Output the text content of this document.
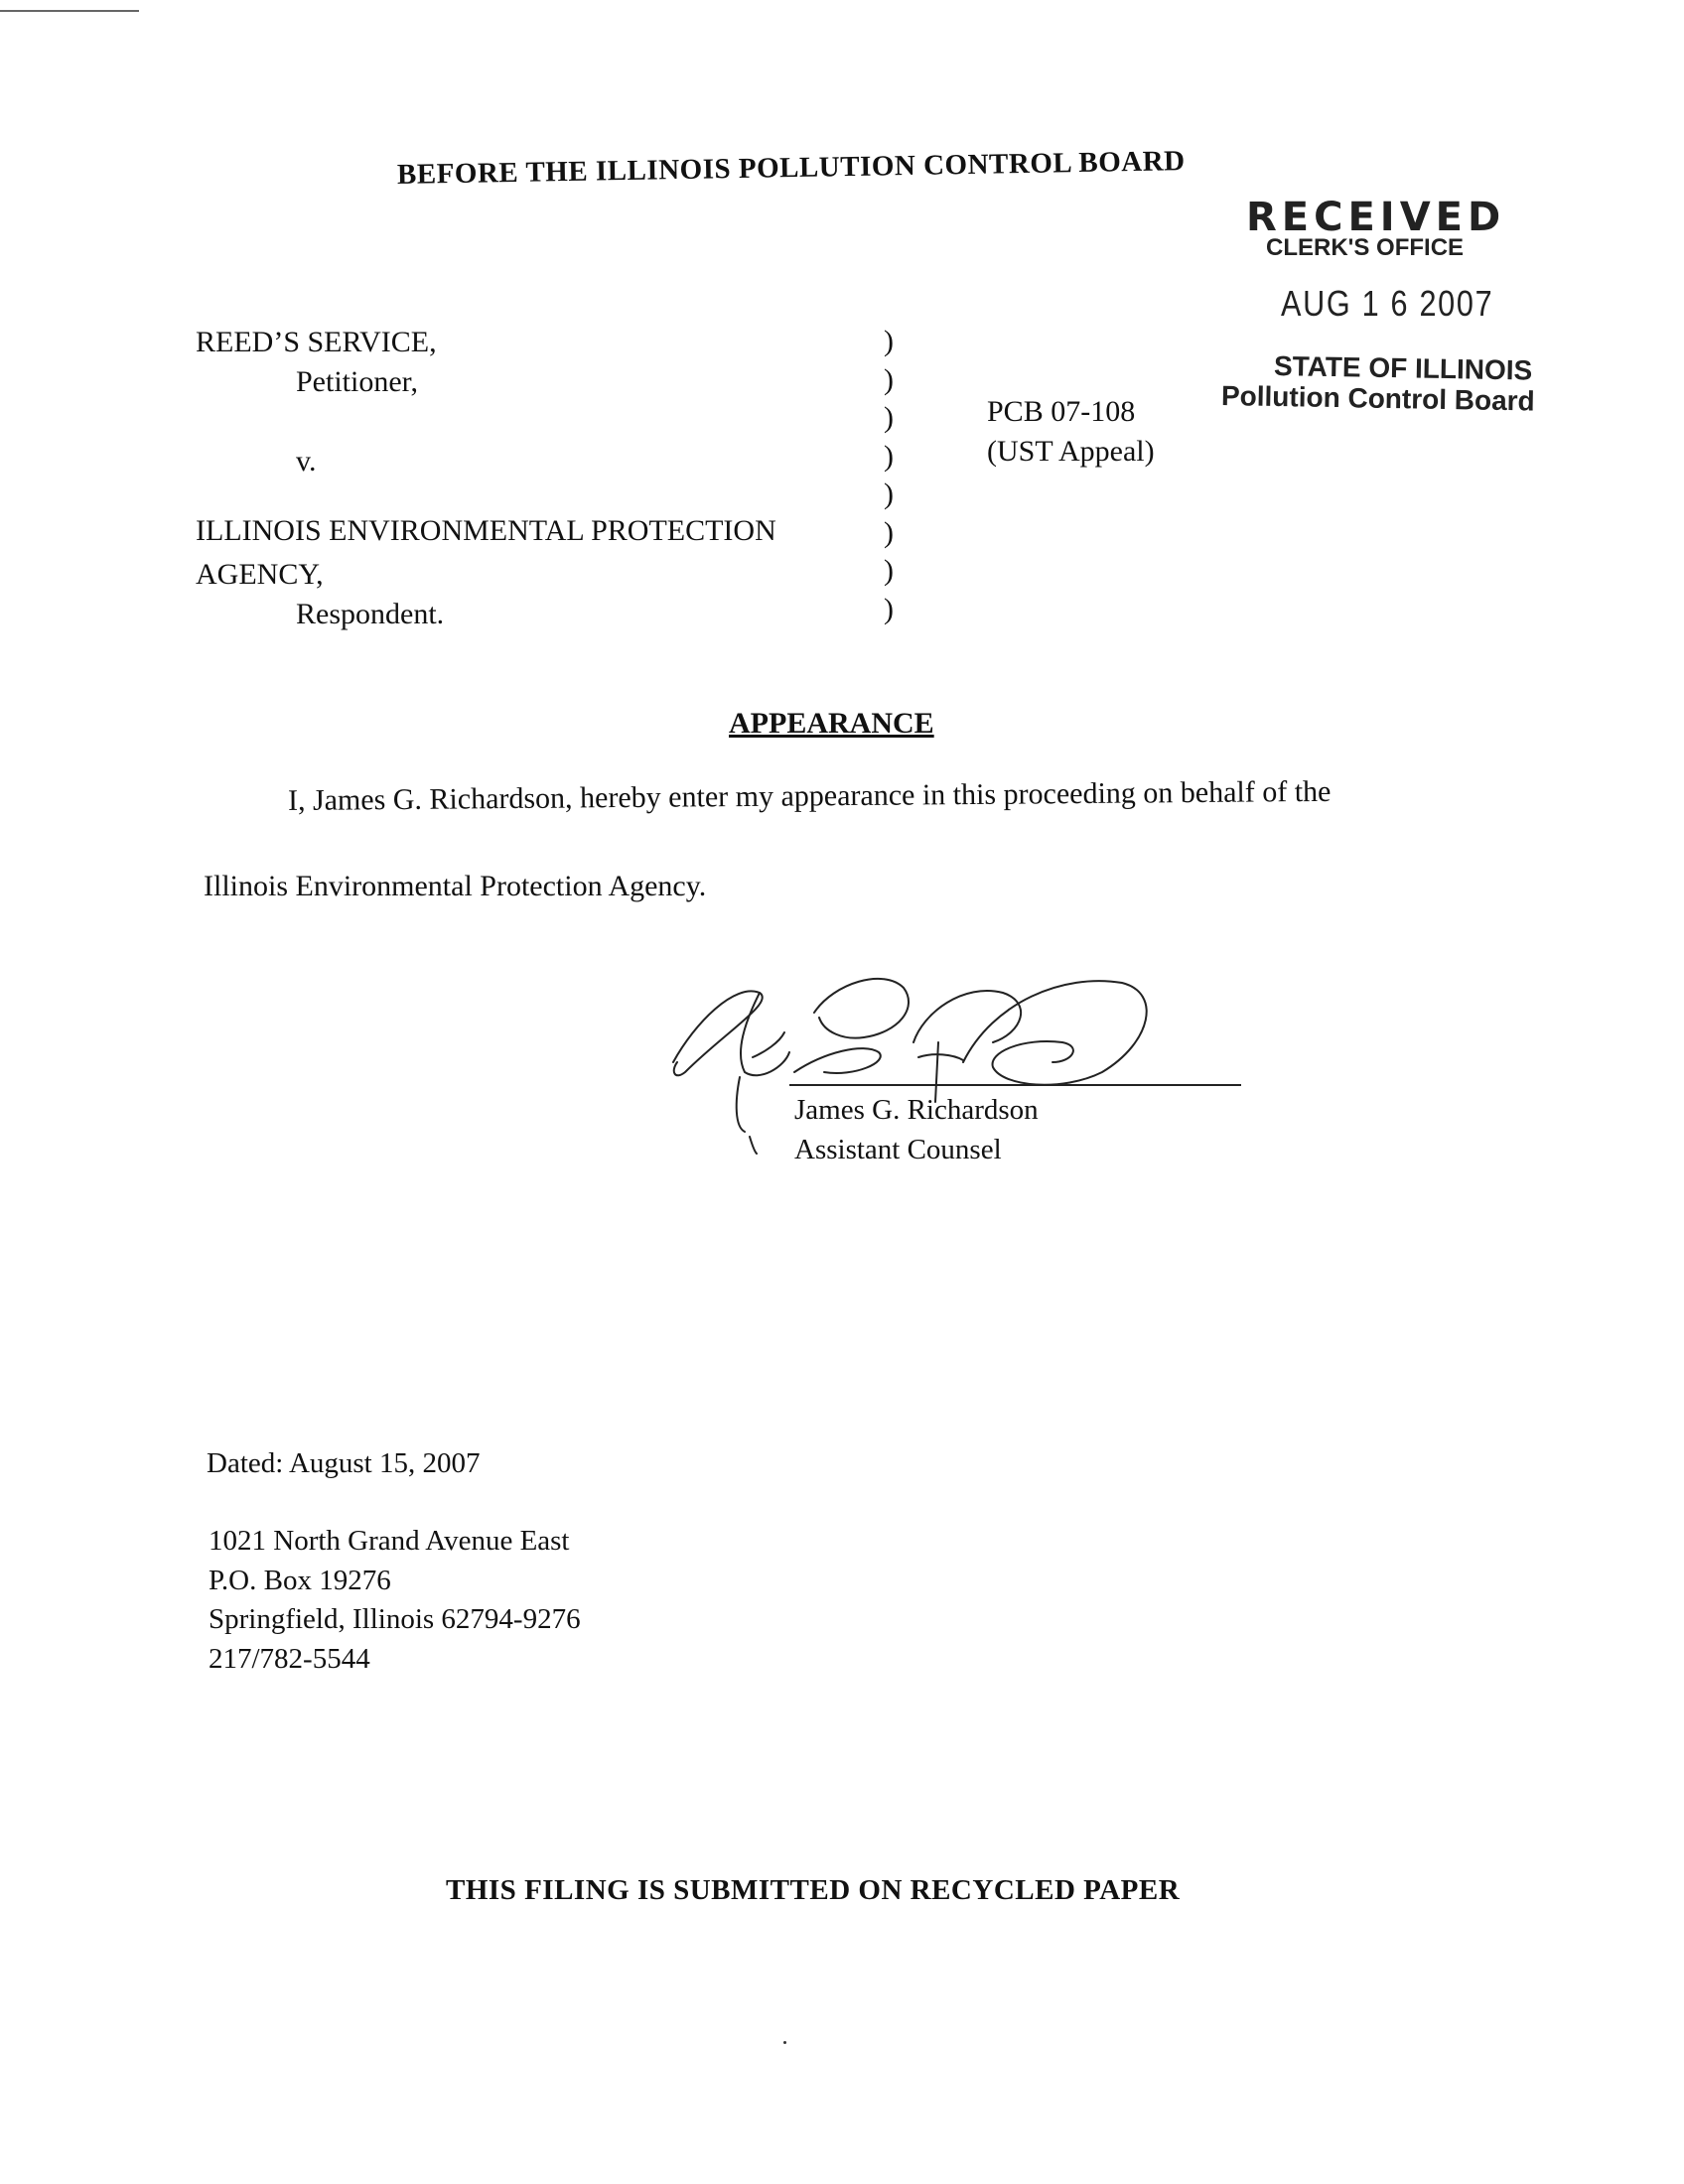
BEFORE THE ILLINOIS POLLUTION CONTROL BOARD
RECEIVED
CLERK'S OFFICE
AUG 1 6 2007
STATE OF ILLINOIS
Pollution Control Board
REED’S SERVICE,
Petitioner,
v.
ILLINOIS ENVIRONMENTAL PROTECTION
AGENCY,
Respondent.
)
)
)
)
)
)
)
)
PCB 07-108
(UST Appeal)
APPEARANCE
I, James G. Richardson, hereby enter my appearance in this proceeding on behalf of the
Illinois Environmental Protection Agency.
James G. Richardson
Assistant Counsel
Dated: August 15, 2007
1021 North Grand Avenue East
P.O. Box 19276
Springfield, Illinois 62794-9276
217/782-5544
THIS FILING IS SUBMITTED ON RECYCLED PAPER
